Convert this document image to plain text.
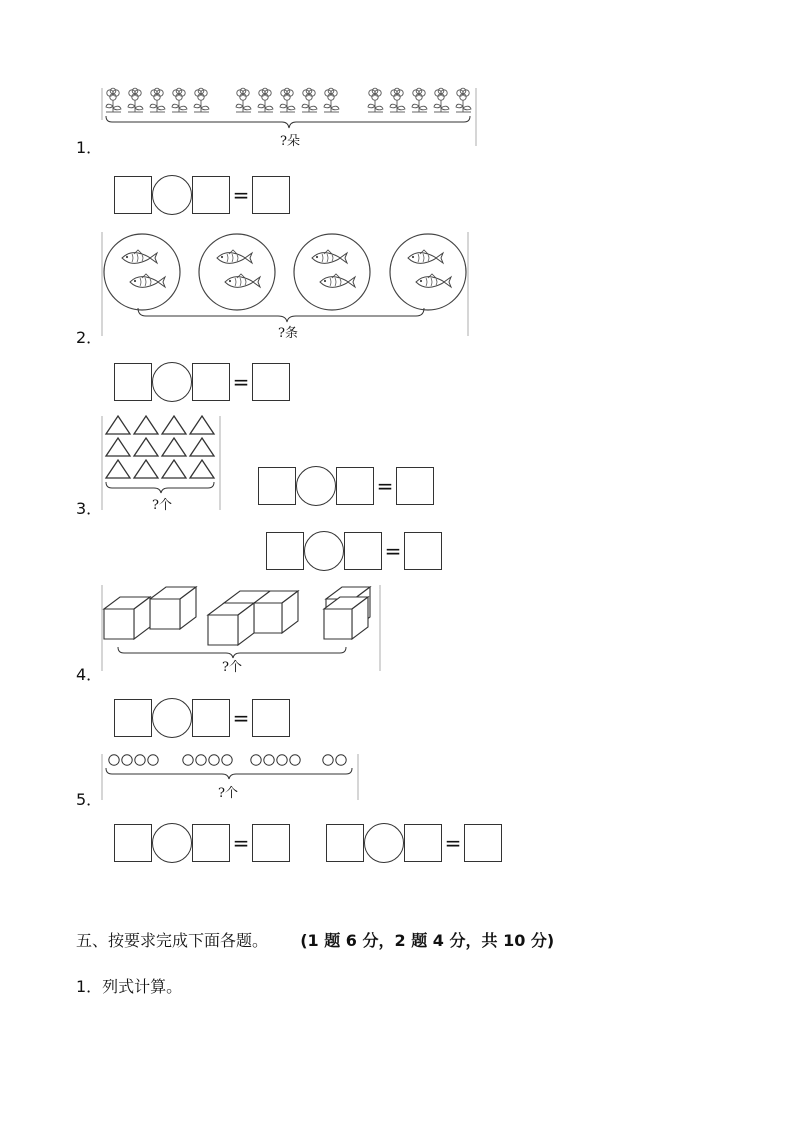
?朵
1．
=
?条
2．
=
?个
3．
=
=
?个
4．
=
?个
5．
=	=
五、按要求完成下面各题。 (1 题 6 分，2 题 4 分，共 10 分)
1．列式计算。
